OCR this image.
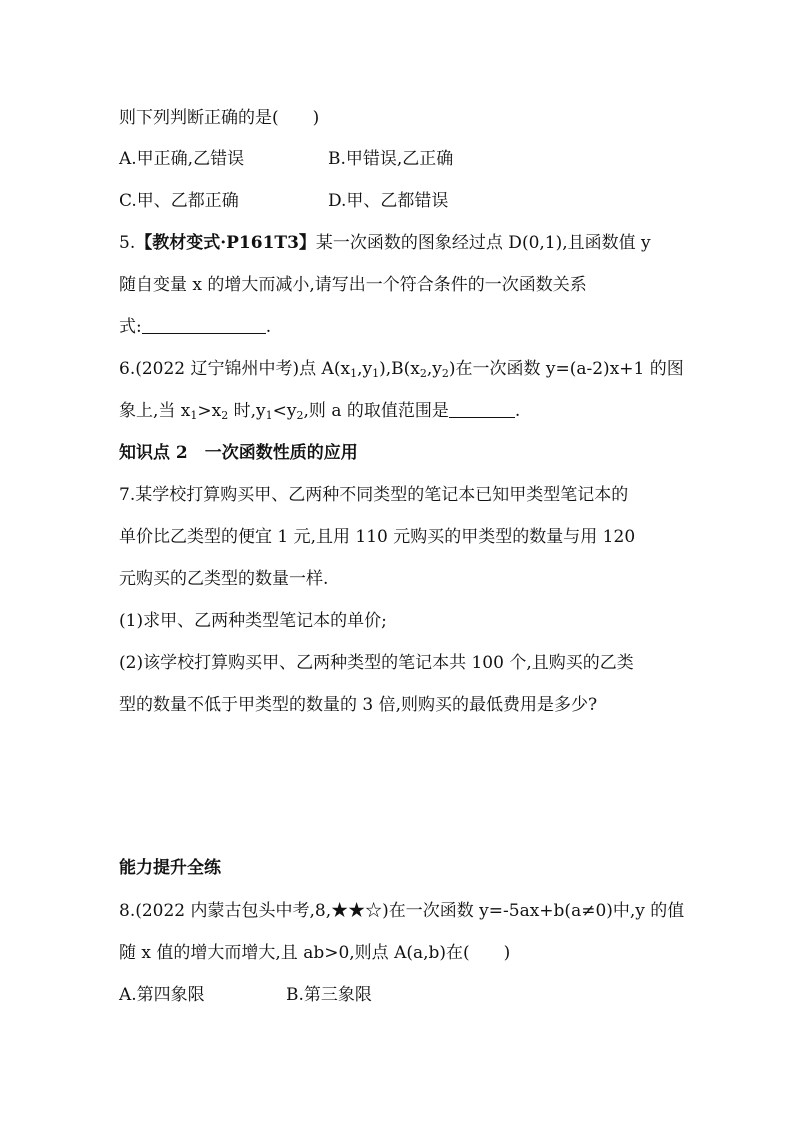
则下列判断正确的是(　　)
A.甲正确,乙错误	B.甲错误,乙正确
C.甲、乙都正确	D.甲、乙都错误
5.【教材变式·P161T3】某一次函数的图象经过点 D(0,1),且函数值 y
随自变量 x 的增大而减小,请写出一个符合条件的一次函数关系
式:	.
6.(2022 辽宁锦州中考)点 $A(x_1,y_1),B(x_2,y_2)$在一次函数 y=(a-2)x+1 的图
象上,当 $x_1>x_2$ 时$,y_1<y_2$,则 a 的取值范围是	.
知识点 2　一次函数性质的应用
7.某学校打算购买甲、乙两种不同类型的笔记本已知甲类型笔记本的
单价比乙类型的便宜 1 元,且用 110 元购买的甲类型的数量与用 120
元购买的乙类型的数量一样.
(1)求甲、乙两种类型笔记本的单价;
(2)该学校打算购买甲、乙两种类型的笔记本共 100 个,且购买的乙类
型的数量不低于甲类型的数量的 3 倍,则购买的最低费用是多少?
能力提升全练
8.(2022 内蒙古包头中考,8,★★☆)在一次函数 y=-5ax+b(a≠0)中,y 的值
随 x 值的增大而增大,且 ab>0,则点 A(a,b)在(　　)
A.第四象限	B.第三象限
